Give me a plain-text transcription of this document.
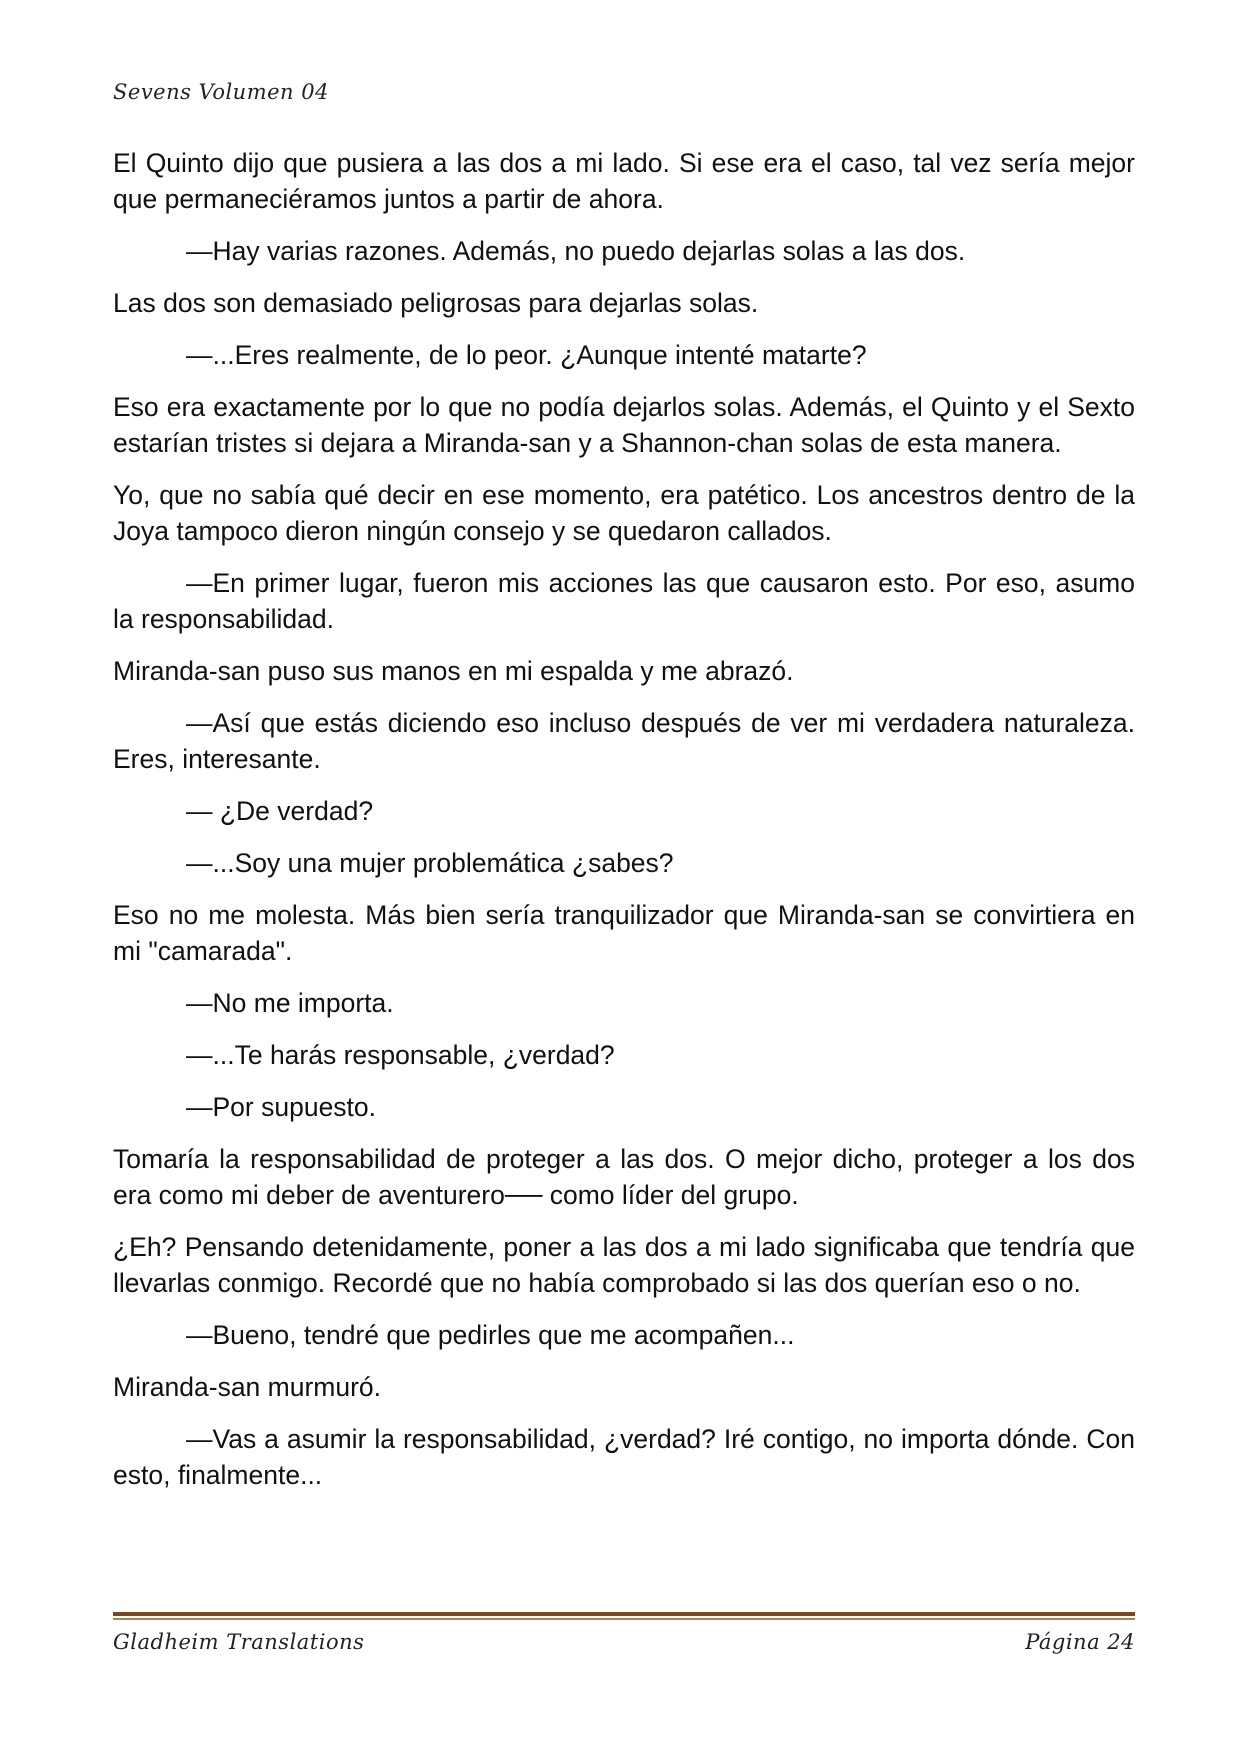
Sevens Volumen 04

El Quinto dijo que pusiera a las dos a mi lado. Si ese era el caso, tal vez sería mejor que permaneciéramos juntos a partir de ahora.

—Hay varias razones. Además, no puedo dejarlas solas a las dos.

Las dos son demasiado peligrosas para dejarlas solas.

—...Eres realmente, de lo peor. ¿Aunque intenté matarte?

Eso era exactamente por lo que no podía dejarlos solas. Además, el Quinto y el Sexto estarían tristes si dejara a Miranda-san y a Shannon-chan solas de esta manera.

Yo, que no sabía qué decir en ese momento, era patético. Los ancestros dentro de la Joya tampoco dieron ningún consejo y se quedaron callados.

—En primer lugar, fueron mis acciones las que causaron esto. Por eso, asumo la responsabilidad.

Miranda-san puso sus manos en mi espalda y me abrazó.

—Así que estás diciendo eso incluso después de ver mi verdadera naturaleza. Eres, interesante.

— ¿De verdad?

—...Soy una mujer problemática ¿sabes?

Eso no me molesta. Más bien sería tranquilizador que Miranda-san se convirtiera en mi "camarada".

—No me importa.

—...Te harás responsable, ¿verdad?

—Por supuesto.

Tomaría la responsabilidad de proteger a las dos. O mejor dicho, proteger a los dos era como mi deber de aventurero── como líder del grupo.

¿Eh? Pensando detenidamente, poner a las dos a mi lado significaba que tendría que llevarlas conmigo. Recordé que no había comprobado si las dos querían eso o no.

—Bueno, tendré que pedirles que me acompañen...

Miranda-san murmuró.

—Vas a asumir la responsabilidad, ¿verdad? Iré contigo, no importa dónde. Con esto, finalmente...

Gladheim Translations	Página 24
